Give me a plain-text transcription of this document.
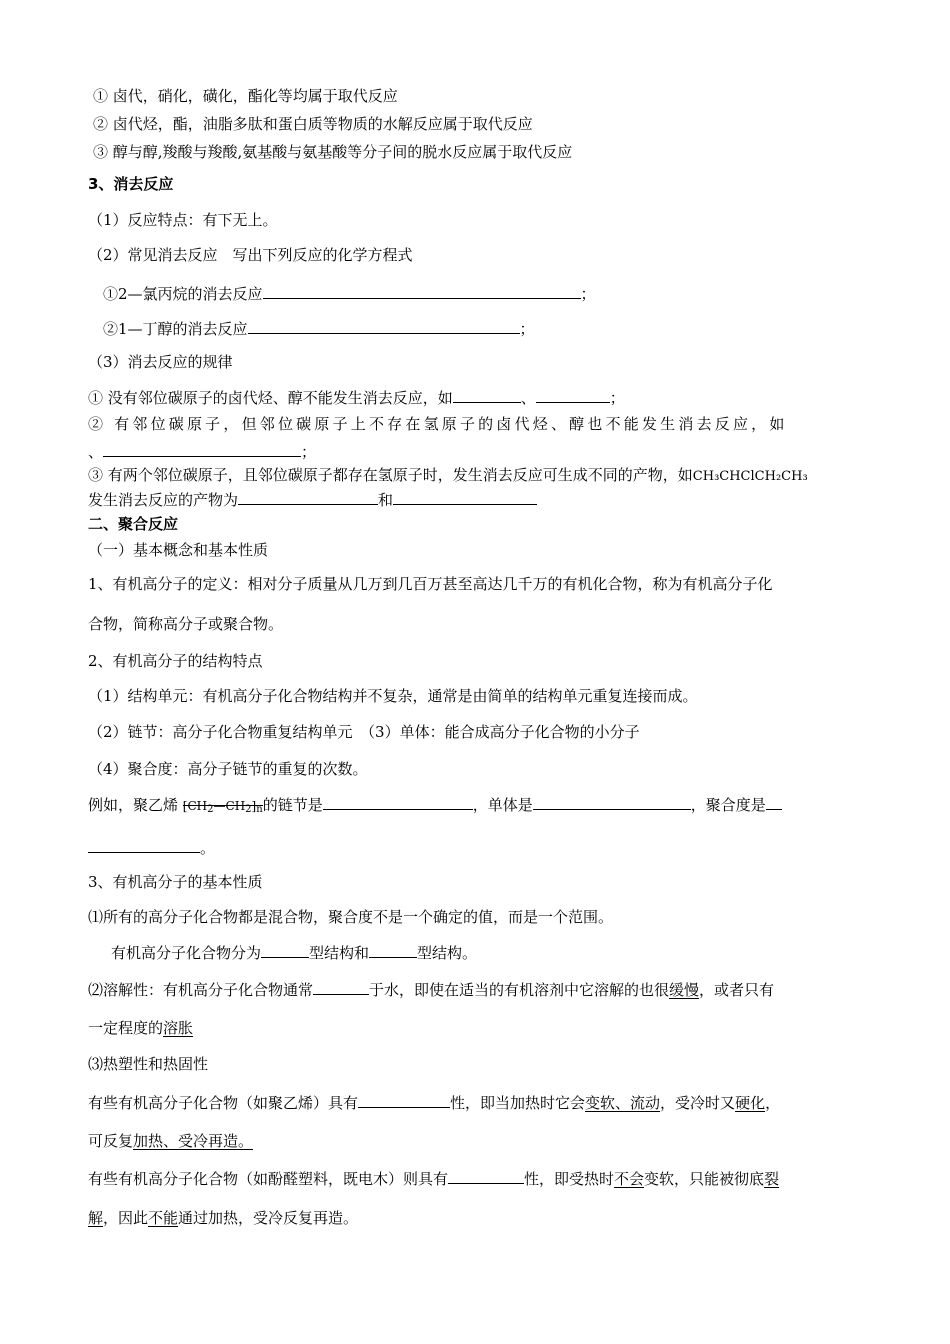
① 卤代，硝化，磺化，酯化等均属于取代反应
② 卤代烃，酯，油脂多肽和蛋白质等物质的水解反应属于取代反应
③ 醇与醇,羧酸与羧酸,氨基酸与氨基酸等分子间的脱水反应属于取代反应
3、消去反应
（1）反应特点：有下无上。
（2）常见消去反应　写出下列反应的化学方程式
①2—氯丙烷的消去反应	；
②1—丁醇的消去反应	；
（3）消去反应的规律
① 没有邻位碳原子的卤代烃、醇不能发生消去反应，如	、	；
② 有邻位碳原子，但邻位碳原子上不存在氢原子的卤代烃、醇也不能发生消去反应，如
、	；
③ 有两个邻位碳原子，且邻位碳原子都存在氢原子时，发生消去反应可生成不同的产物，如CH₃CHClCH₂CH₃
发生消去反应的产物为	和
二、聚合反应
（一）基本概念和基本性质
1、有机高分子的定义：相对分子质量从几万到几百万甚至高达几千万的有机化合物，称为有机高分子化
合物，简称高分子或聚合物。
2、有机高分子的结构特点
（1）结构单元：有机高分子化合物结构并不复杂，通常是由简单的结构单元重复连接而成。
（2）链节：高分子化合物重复结构单元　（3）单体：能合成高分子化合物的小分子
（4）聚合度：高分子链节的重复的次数。
例如，聚乙烯 $[CH_2—CH_2]_n$的链节是	，单体是	，聚合度是
。
3、有机高分子的基本性质
⑴所有的高分子化合物都是混合物，聚合度不是一个确定的值，而是一个范围。
有机高分子化合物分为	型结构和	型结构。
⑵溶解性：有机高分子化合物通常	于水，即使在适当的有机溶剂中它溶解的也很缓慢，或者只有
一定程度的溶胀
⑶热塑性和热固性
有些有机高分子化合物（如聚乙烯）具有	性，即当加热时它会变软、流动，受冷时又硬化，
可反复加热、受冷再造。
有些有机高分子化合物（如酚醛塑料，既电木）则具有	性，即受热时不会变软，只能被彻底裂
解，因此不能通过加热，受冷反复再造。
